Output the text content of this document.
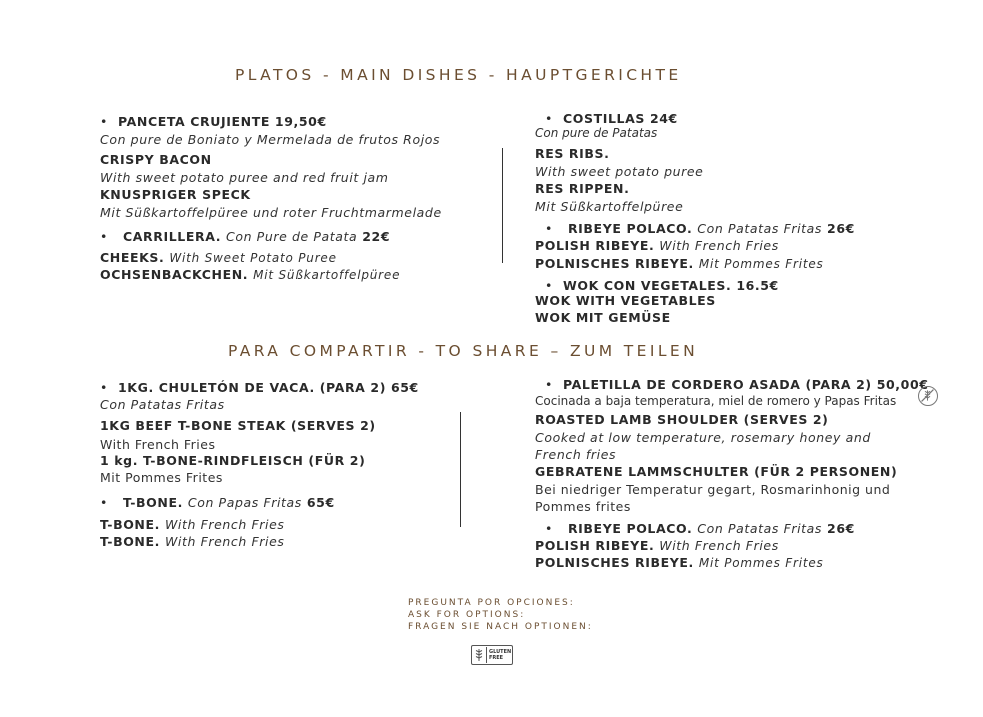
PLATOS - MAIN DISHES - HAUPTGERICHTE
PARA COMPARTIR - TO SHARE – ZUM TEILEN
• PANCETA CRUJIENTE 19,50€
Con pure de Boniato y Mermelada de frutos Rojos
CRISPY BACON
With sweet potato puree and red fruit jam
KNUSPRIGER SPECK
Mit Süßkartoffelpüree und roter Fruchtmarmelade
• CARRILLERA. Con Pure de Patata 22€
CHEEKS. With Sweet Potato Puree
OCHSENBACKCHEN. Mit Süßkartoffelpüree
• COSTILLAS 24€
Con pure de Patatas
RES RIBS.
With sweet potato puree
RES RIPPEN.
Mit Süßkartoffelpüree
• RIBEYE POLACO. Con Patatas Fritas 26€
POLISH RIBEYE. With French Fries
POLNISCHES RIBEYE. Mit Pommes Frites
• WOK CON VEGETALES. 16.5€
WOK WITH VEGETABLES
WOK MIT GEMÜSE
• 1KG. CHULETÓN DE VACA. (PARA 2) 65€
Con Patatas Fritas
1KG BEEF T-BONE STEAK (SERVES 2)
With French Fries
1 kg. T-BONE-RINDFLEISCH (FÜR 2)
Mit Pommes Frites
• T-BONE. Con Papas Fritas 65€
T-BONE. With French Fries
T-BONE. With French Fries
• PALETILLA DE CORDERO ASADA (PARA 2) 50,00€
Cocinada a baja temperatura, miel de romero y Papas Fritas
ROASTED LAMB SHOULDER (SERVES 2)
Cooked at low temperature, rosemary honey and
French fries
GEBRATENE LAMMSCHULTER (FÜR 2 PERSONEN)
Bei niedriger Temperatur gegart, Rosmarinhonig und
Pommes frites
• RIBEYE POLACO. Con Patatas Fritas 26€
POLISH RIBEYE. With French Fries
POLNISCHES RIBEYE. Mit Pommes Frites
PREGUNTA POR OPCIONES:
ASK FOR OPTIONS:
FRAGEN SIE NACH OPTIONEN:
GLUTEN
FREE
